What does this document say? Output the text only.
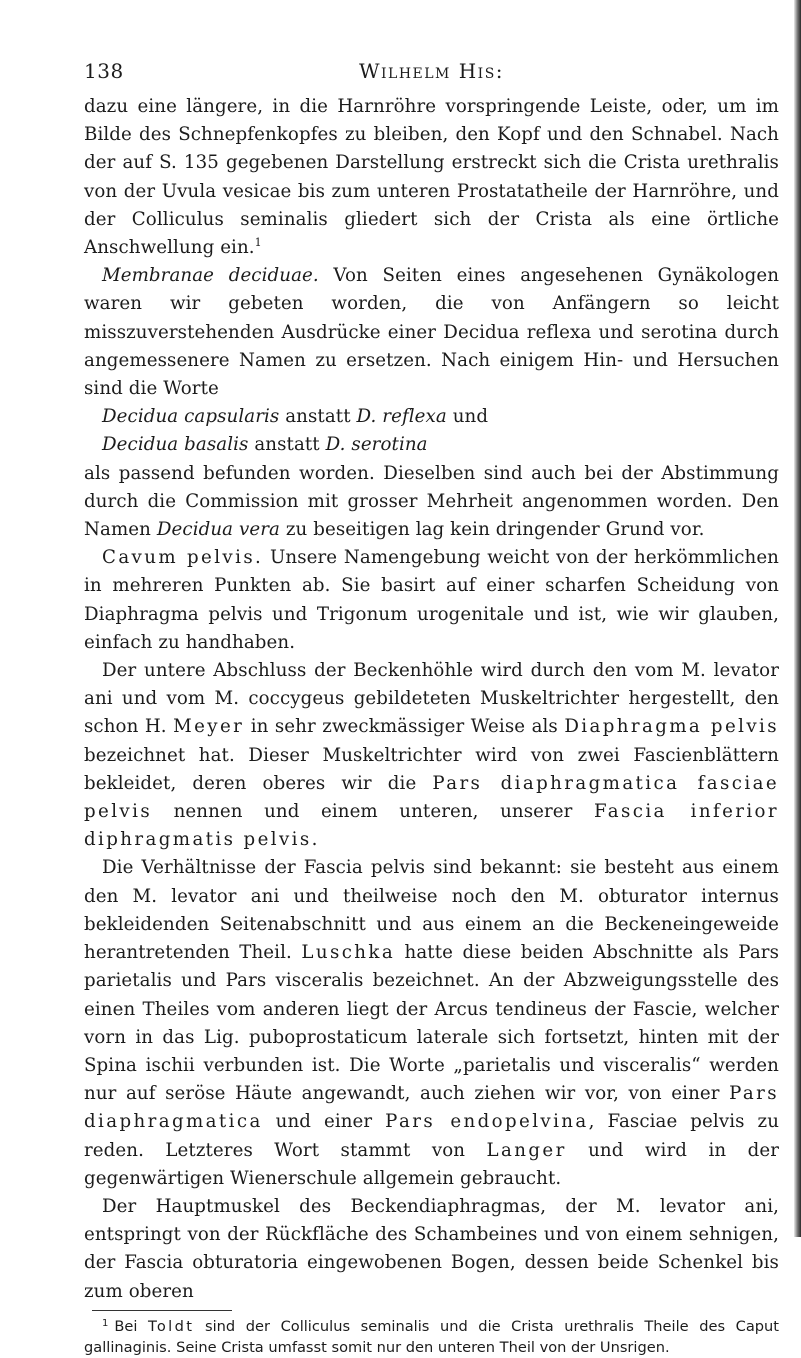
138	Wilhelm His:

dazu eine längere, in die Harnröhre vorspringende Leiste, oder, um im Bilde des Schnepfenkopfes zu bleiben, den Kopf und den Schnabel. Nach der auf S. 135 gegebenen Darstellung erstreckt sich die Crista urethralis von der Uvula vesicae bis zum unteren Prostatatheile der Harnröhre, und der Colliculus seminalis gliedert sich der Crista als eine örtliche Anschwellung ein.$^1$

Membranae deciduae. Von Seiten eines angesehenen Gynäkologen waren wir gebeten worden, die von Anfängern so leicht misszuverstehenden Ausdrücke einer Decidua reflexa und serotina durch angemessenere Namen zu ersetzen. Nach einigem Hin- und Hersuchen sind die Worte

Decidua capsularis anstatt D. reflexa und
Decidua basalis anstatt D. serotina

als passend befunden worden. Dieselben sind auch bei der Abstimmung durch die Commission mit grosser Mehrheit angenommen worden. Den Namen Decidua vera zu beseitigen lag kein dringender Grund vor.

Cavum pelvis. Unsere Namengebung weicht von der herkömmlichen in mehreren Punkten ab. Sie basirt auf einer scharfen Scheidung von Diaphragma pelvis und Trigonum urogenitale und ist, wie wir glauben, einfach zu handhaben.

Der untere Abschluss der Beckenhöhle wird durch den vom M. levator ani und vom M. coccygeus gebildeteten Muskeltrichter hergestellt, den schon H. Meyer in sehr zweckmässiger Weise als Diaphragma pelvis bezeichnet hat. Dieser Muskeltrichter wird von zwei Fascienblättern bekleidet, deren oberes wir die Pars diaphragmatica fasciae pelvis nennen und einem unteren, unserer Fascia inferior diphragmatis pelvis.

Die Verhältnisse der Fascia pelvis sind bekannt: sie besteht aus einem den M. levator ani und theilweise noch den M. obturator internus bekleidenden Seitenabschnitt und aus einem an die Beckeneingeweide herantretenden Theil. Luschka hatte diese beiden Abschnitte als Pars parietalis und Pars visceralis bezeichnet. An der Abzweigungsstelle des einen Theiles vom anderen liegt der Arcus tendineus der Fascie, welcher vorn in das Lig. puboprostaticum laterale sich fortsetzt, hinten mit der Spina ischii verbunden ist. Die Worte „parietalis und visceralis“ werden nur auf seröse Häute angewandt, auch ziehen wir vor, von einer Pars diaphragmatica und einer Pars endopelvina, Fasciae pelvis zu reden. Letzteres Wort stammt von Langer und wird in der gegenwärtigen Wienerschule allgemein gebraucht.

Der Hauptmuskel des Beckendiaphragmas, der M. levator ani, entspringt von der Rückfläche des Schambeines und von einem sehnigen, der Fascia obturatoria eingewobenen Bogen, dessen beide Schenkel bis zum oberen

$^1$ Bei Toldt sind der Colliculus seminalis und die Crista urethralis Theile des Caput gallinaginis. Seine Crista umfasst somit nur den unteren Theil von der Unsrigen.
